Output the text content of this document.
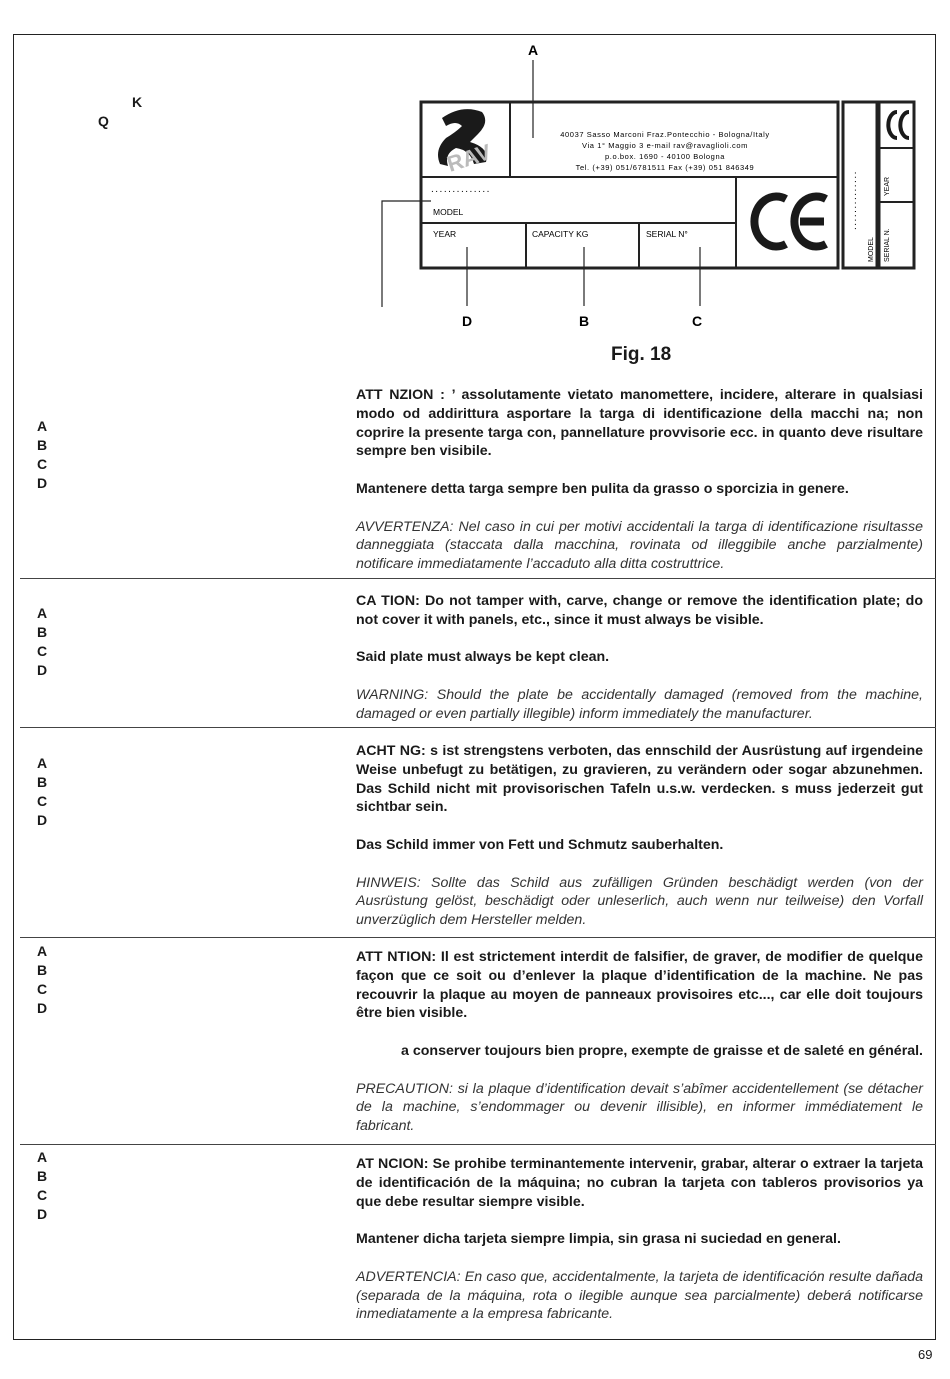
K
Q
A
RAV
40037 Sasso Marconi Fraz.Pontecchio - Bologna/Italy
Via 1° Maggio 3 e-mail rav@ravaglioli.com
p.o.box. 1690 - 40100 Bologna
Tel. (+39) 051/6781511 Fax (+39) 051 846349
..............
MODEL
YEAR	CAPACITY KG	SERIAL N°
..............
MODEL
YEAR
SERIAL N.
D	B	C
Fig. 18
A
B
C
D

ATT NZION : ’ assolutamente vietato manomettere, incidere, alterare in qualsiasi modo od addirittura asportare la targa di identificazione della macchi na; non coprire la presente targa con, pannellature provvisorie ecc. in quanto deve risultare sempre ben visibile.

Mantenere detta targa sempre ben pulita da grasso o sporcizia in genere.

AVVERTENZA: Nel caso in cui per motivi accidentali la targa di identificazione risultasse danneggiata (staccata dalla macchina, rovinata od illeggibile anche parzialmente) notificare immediatamente l’accaduto alla ditta costruttrice.

A
B
C
D

CA TION: Do not tamper with, carve, change or remove the identification plate; do not cover it with panels, etc., since it must always be visible.

Said plate must always be kept clean.

WARNING: Should the plate be accidentally damaged (removed from the machine, damaged or even partially illegible) inform immediately the manufacturer.

A
B
C
D

ACHT NG: s ist strengstens verboten, das ennschild der Ausrüstung auf irgendeine Weise unbefugt zu betätigen, zu gravieren, zu verändern oder sogar abzunehmen. Das Schild nicht mit provisorischen Tafeln u.s.w. verdecken. s muss jederzeit gut sichtbar sein.

Das Schild immer von Fett und Schmutz sauberhalten.

HINWEIS: Sollte das Schild aus zufälligen Gründen beschädigt werden (von der Ausrüstung gelöst, beschädigt oder unleserlich, auch wenn nur teilweise) den Vorfall unverzüglich dem Hersteller melden.

A
B
C
D

ATT NTION: Il est strictement interdit de falsifier, de graver, de modifier de quelque façon que ce soit ou d’enlever la plaque d’identification de la machine. Ne pas recouvrir la plaque au moyen de panneaux provisoires etc..., car elle doit toujours être bien visible.

a conserver toujours bien propre, exempte de graisse et de saleté en général.

PRECAUTION: si la plaque d’identification devait s’abîmer accidentellement (se détacher de la machine, s’endommager ou devenir illisible), en informer immédiatement le fabricant.

A
B
C
D

AT NCION: Se prohibe terminantemente intervenir, grabar, alterar o extraer la tarjeta de identificación de la máquina; no cubran la tarjeta con tableros provisorios ya que debe resultar siempre visible.

Mantener dicha tarjeta siempre limpia, sin grasa ni suciedad en general.

ADVERTENCIA: En caso que, accidentalmente, la tarjeta de identificación resulte dañada (separada de la máquina, rota o ilegible aunque sea parcialmente) deberá notificarse inmediatamente a la empresa fabricante.

69
